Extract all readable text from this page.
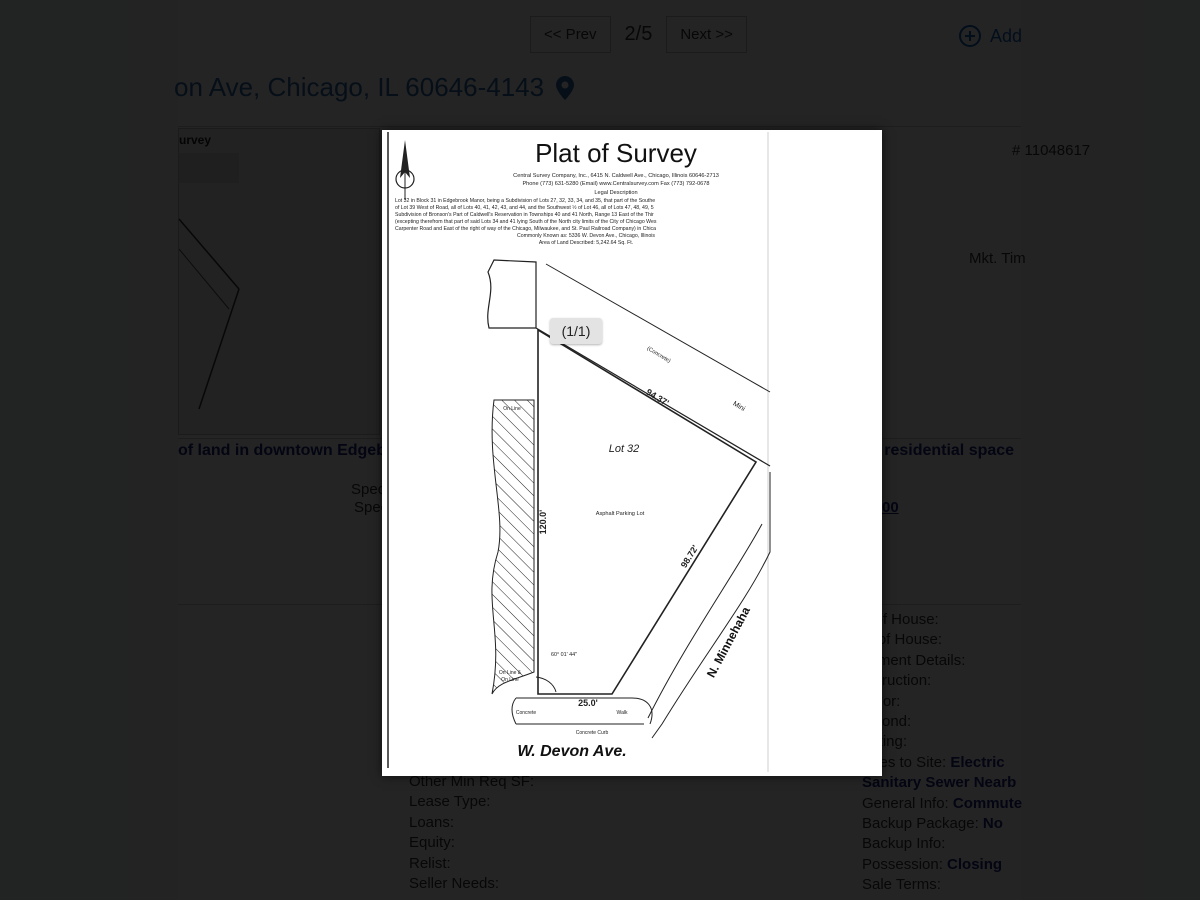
Plat of Survey
Central Survey Company, Inc., 6415 N. Caldwell Ave., Chicago, Illinois 60646-2713
Phone (773) 631-5280 (Email) www.Centralsurvey.com Fax (773) 792-0678
Legal Description
Lot 32 in Block 31 in Edgebrook Manor, being a Subdivision of Lots 27, 32, 33, 34, and 35, that part of the Southe
of Lot 39 West of Road, all of Lots 40, 41, 42, 43, and 44, and the Southwest ½ of Lot 46, all of Lots 47, 48, 49, 5
Subdivision of Bronson's Part of Caldwell's Reservation in Townships 40 and 41 North, Range 13 East of the Thir
(excepting therefrom that part of said Lots 34 and 41 lying South of the North city limits of the City of Chicago Wes
Carpenter Road and East of the right of way of the Chicago, Milwaukee, and St. Paul Railroad Company) in Chica
Commonly Known as: 5336 W. Devon Ave., Chicago, Illinois
Area of Land Described: 5,242.64 Sq. Ft.
Lot 32
Asphalt Parking Lot
94.37'
(Concrete)
Mini
120.0'
98.72'
60° 01' 44"
25.0'
On Line
On Line &
On Line
Concrete	Walk
Concrete Curb
W. Devon Ave.
N. Minnehaha
(1/1)
